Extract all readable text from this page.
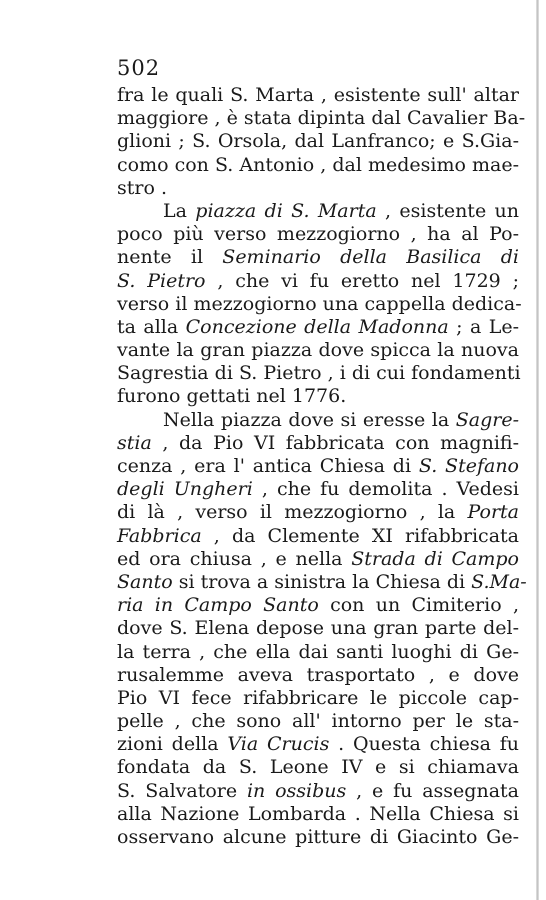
502
fra le quali S. Marta , esistente sull' altar
maggiore , è stata dipinta dal Cavalier Ba-
glioni ; S. Orsola, dal Lanfranco; e S.Gia-
como con S. Antonio , dal medesimo mae-
stro .
La piazza di S. Marta , esistente un
poco più verso mezzogiorno , ha al Po-
nente il Seminario della Basilica di
S. Pietro , che vi fu eretto nel 1729 ;
verso il mezzogiorno una cappella dedica-
ta alla Concezione della Madonna ; a Le-
vante la gran piazza dove spicca la nuova
Sagrestia di S. Pietro , i di cui fondamenti
furono gettati nel 1776.
Nella piazza dove si eresse la Sagre-
stia , da Pio VI fabbricata con magnifi-
cenza , era l' antica Chiesa di S. Stefano
degli Ungheri , che fu demolita . Vedesi
di là , verso il mezzogiorno , la Porta
Fabbrica , da Clemente XI rifabbricata
ed ora chiusa , e nella Strada di Campo
Santo si trova a sinistra la Chiesa di S.Ma-
ria in Campo Santo con un Cimiterio ,
dove S. Elena depose una gran parte del-
la terra , che ella dai santi luoghi di Ge-
rusalemme aveva trasportato , e dove
Pio VI fece rifabbricare le piccole cap-
pelle , che sono all' intorno per le sta-
zioni della Via Crucis . Questa chiesa fu
fondata da S. Leone IV e si chiamava
S. Salvatore in ossibus , e fu assegnata
alla Nazione Lombarda . Nella Chiesa si
osservano alcune pitture di Giacinto Ge-
